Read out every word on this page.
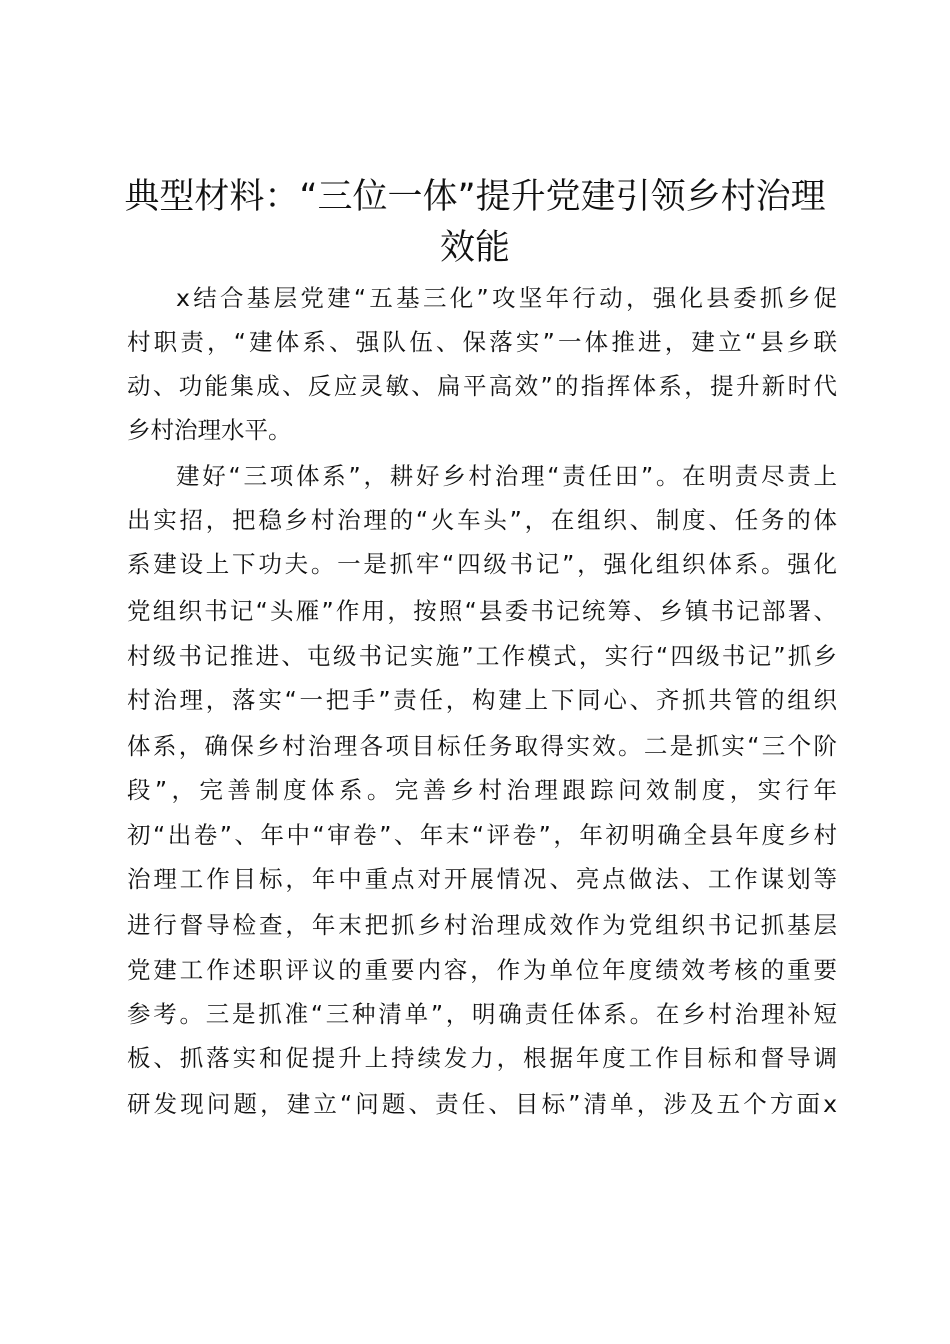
典型材料：“三位一体”提升党建引领乡村治理
效能
x结合基层党建“五基三化”攻坚年行动，强化县委抓乡促
村职责，“建体系、强队伍、保落实”一体推进，建立“县乡联
动、功能集成、反应灵敏、扁平高效”的指挥体系，提升新时代
乡村治理水平。
建好“三项体系”，耕好乡村治理“责任田”。在明责尽责上
出实招，把稳乡村治理的“火车头”，在组织、制度、任务的体
系建设上下功夫。一是抓牢“四级书记”，强化组织体系。强化
党组织书记“头雁”作用，按照“县委书记统筹、乡镇书记部署、
村级书记推进、屯级书记实施”工作模式，实行“四级书记”抓乡
村治理，落实“一把手”责任，构建上下同心、齐抓共管的组织
体系，确保乡村治理各项目标任务取得实效。二是抓实“三个阶
段”，完善制度体系。完善乡村治理跟踪问效制度，实行年
初“出卷”、年中“审卷”、年末“评卷”，年初明确全县年度乡村
治理工作目标，年中重点对开展情况、亮点做法、工作谋划等
进行督导检查，年末把抓乡村治理成效作为党组织书记抓基层
党建工作述职评议的重要内容，作为单位年度绩效考核的重要
参考。三是抓准“三种清单”，明确责任体系。在乡村治理补短
板、抓落实和促提升上持续发力，根据年度工作目标和督导调
研发现问题，建立“问题、责任、目标”清单，涉及五个方面x
